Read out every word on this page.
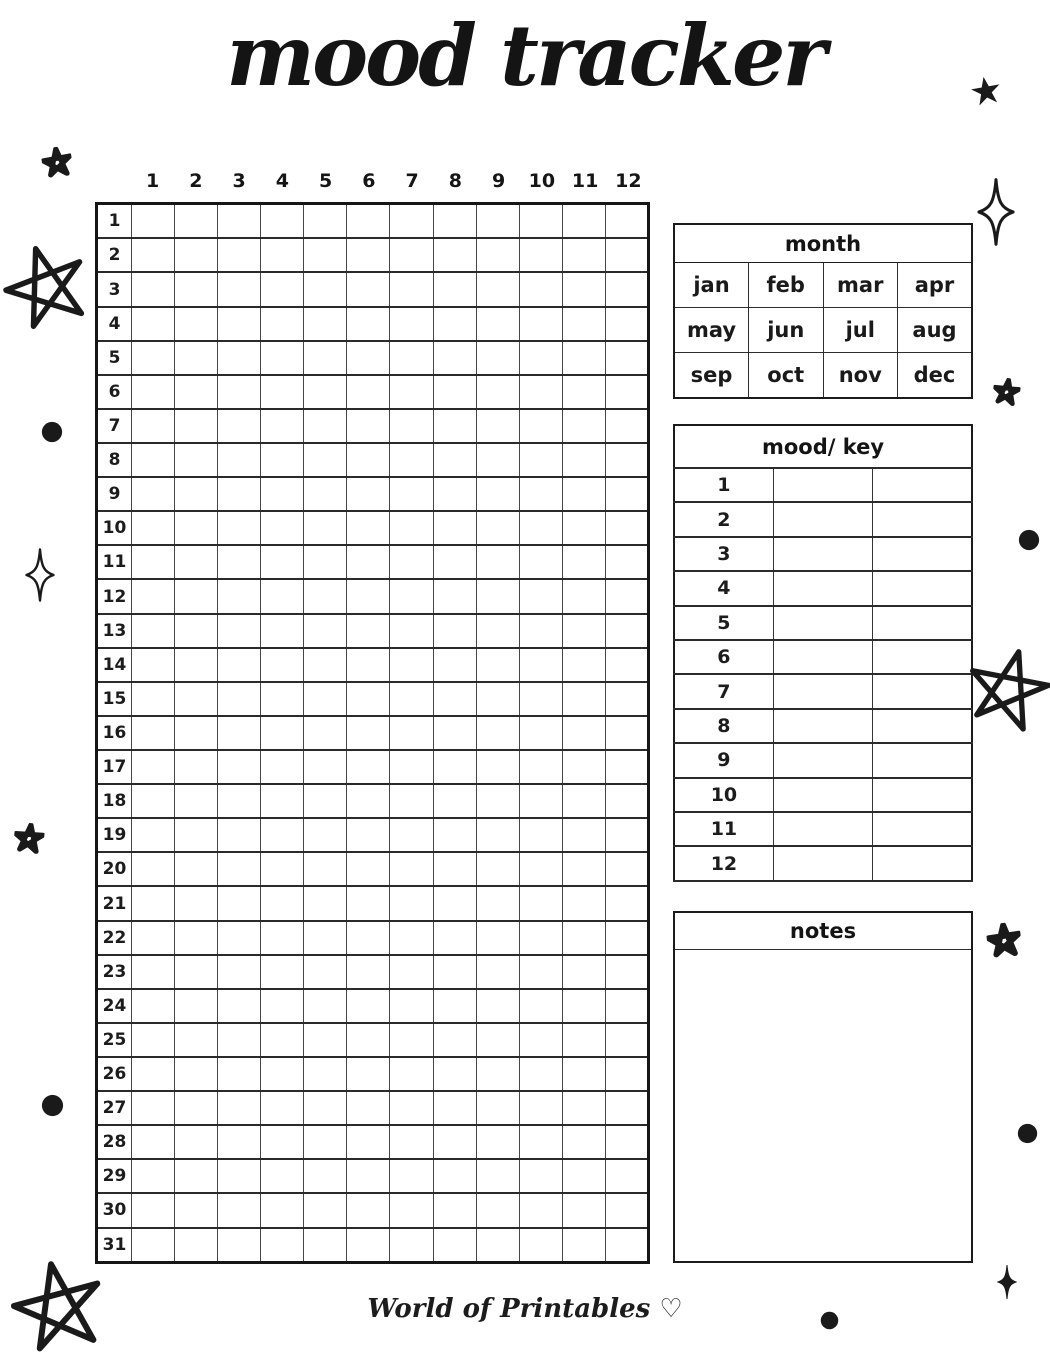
mood tracker
1	2	3	4	5	6	7	8	9	10 11 12
1												
2												
3												
4												
5												
6												
7												
8												
9												
10												
11												
12												
13												
14												
15												
16												
17												
18												
19												
20												
21												
22												
23												
24												
25												
26												
27												
28												
29												
30												
31												
month			
jan	feb	mar	apr
may	jun	jul	aug
sep	oct	nov	dec
mood/ key		
1		
2		
3		
4		
5		
6		
7		
8		
9		
10		
11		
12		
notes
World of Printables ♡
